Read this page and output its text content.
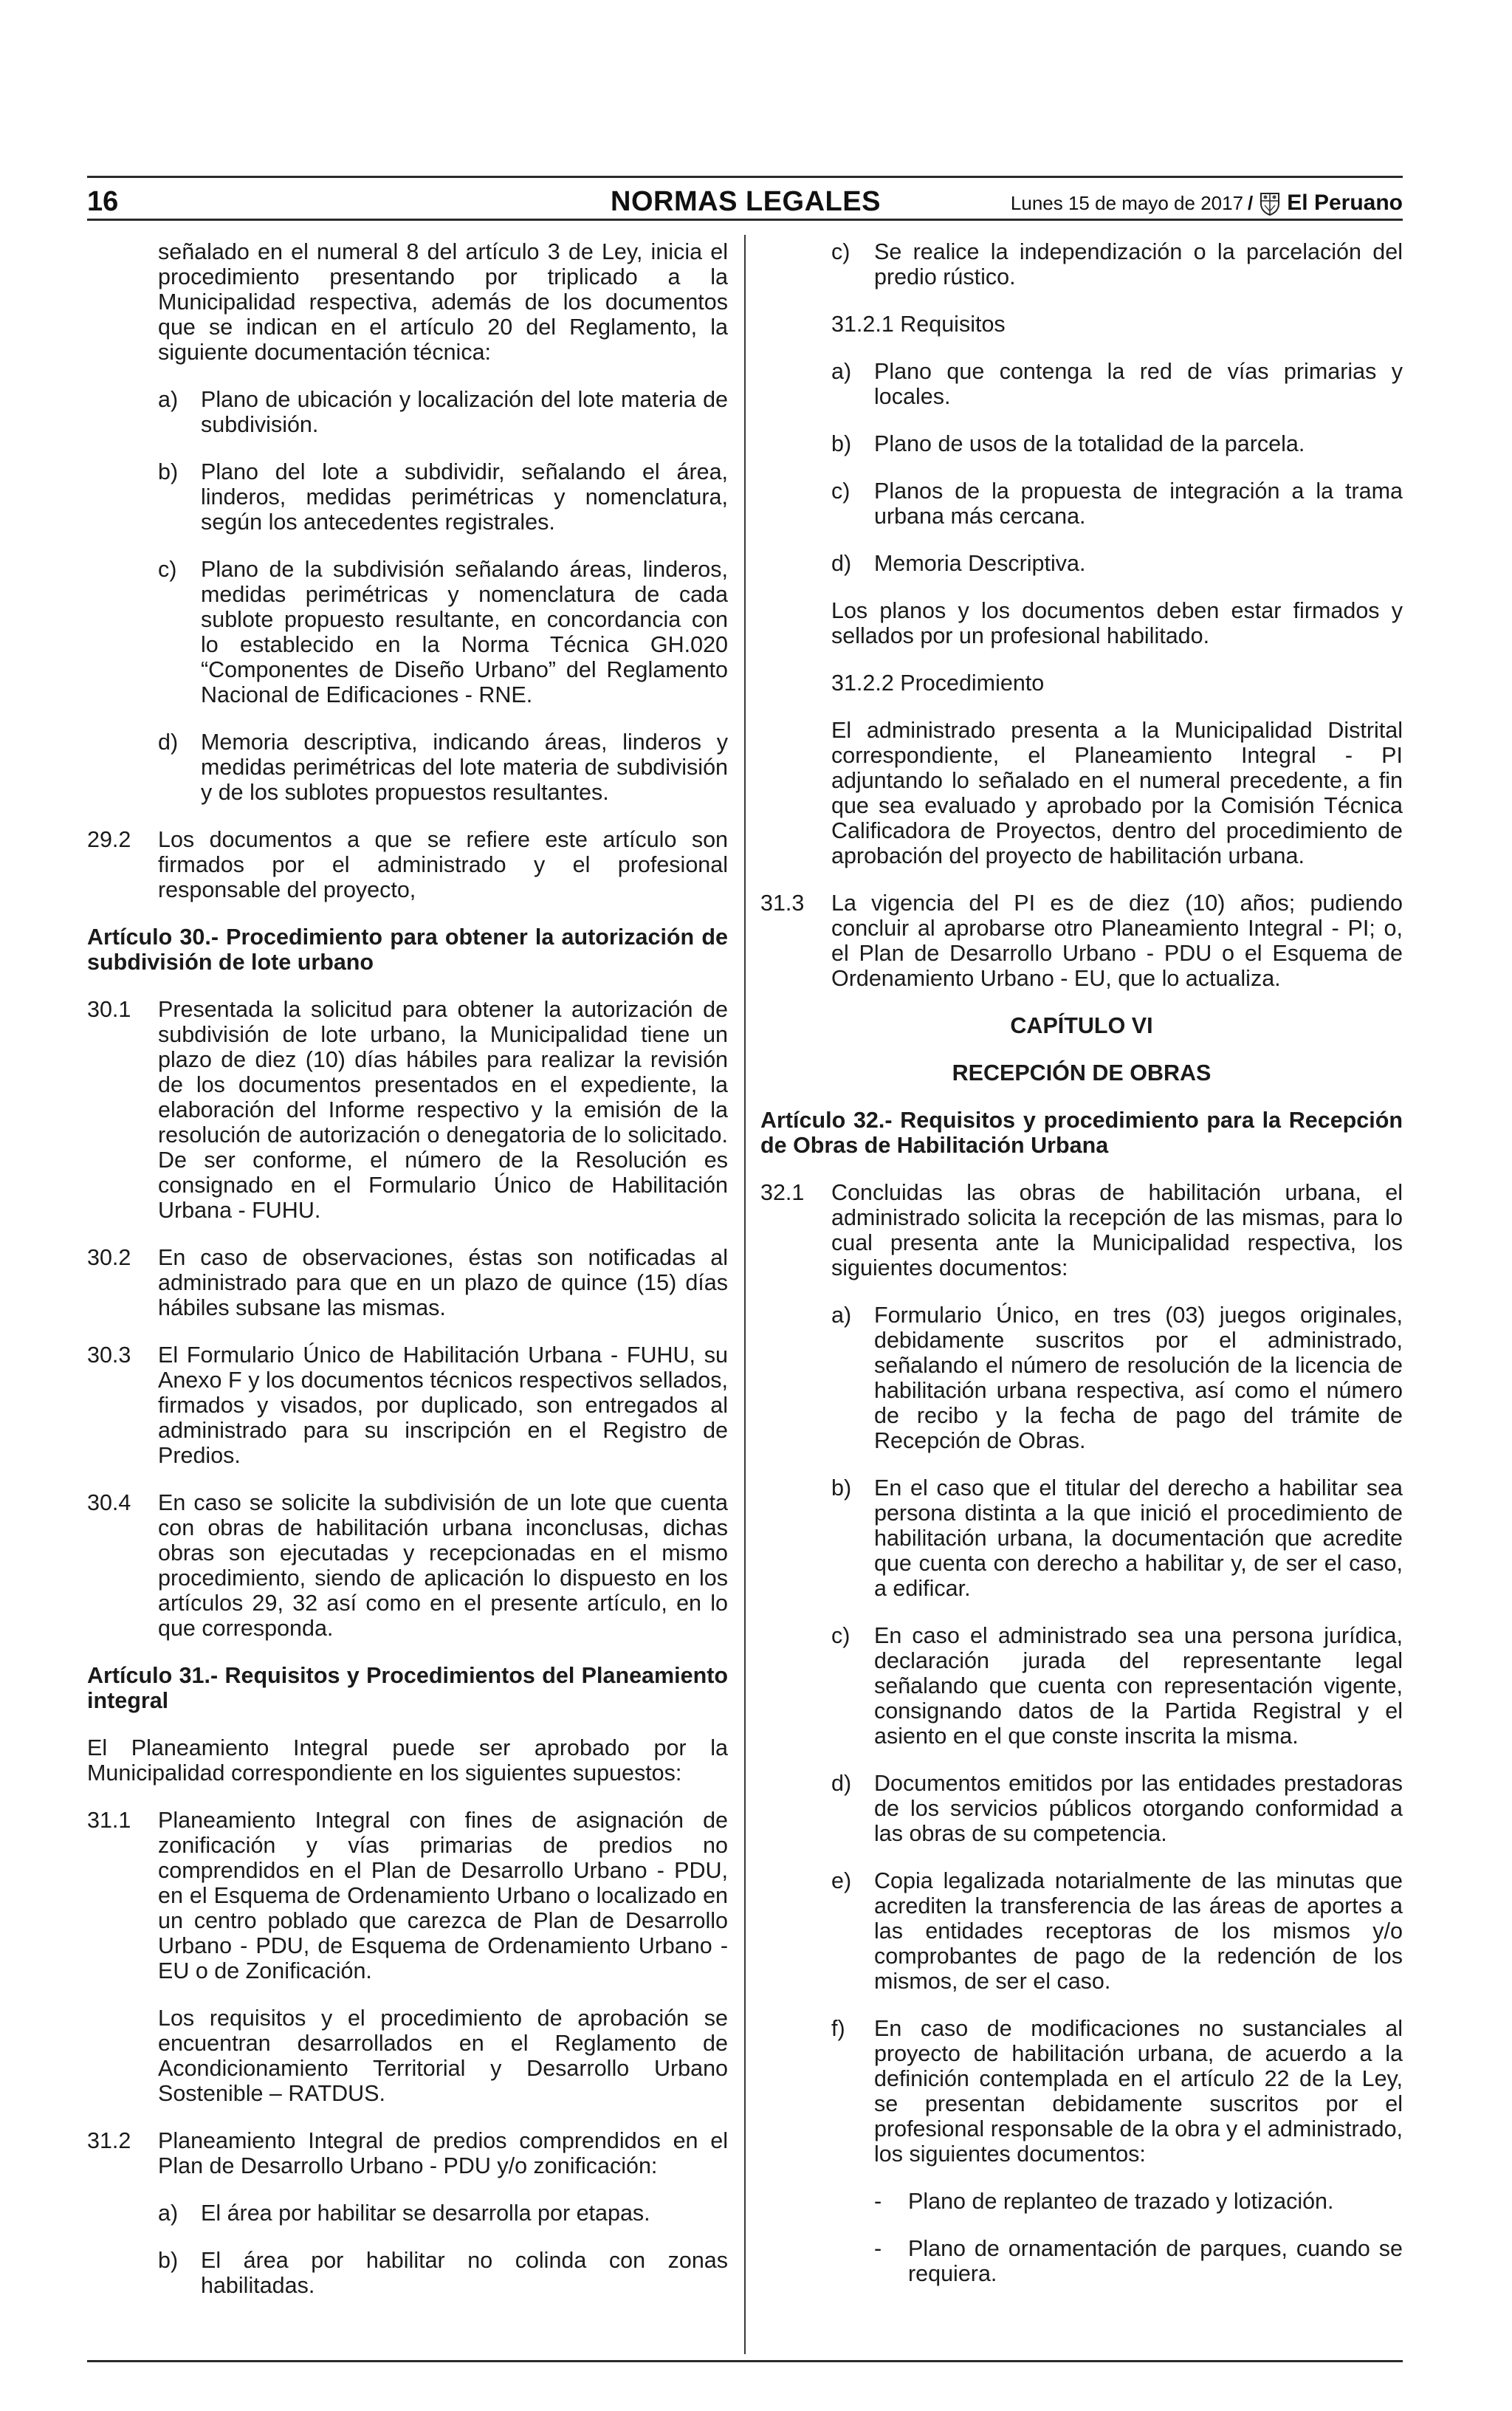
16	NORMAS LEGALES	Lunes 15 de mayo de 2017 / El Peruano

señalado en el numeral 8 del artículo 3 de Ley, inicia el procedimiento presentando por triplicado a la Municipalidad respectiva, además de los documentos que se indican en el artículo 20 del Reglamento, la siguiente documentación técnica:

a)	Plano de ubicación y localización del lote materia de subdivisión.
b)	Plano del lote a subdividir, señalando el área, linderos, medidas perimétricas y nomenclatura, según los antecedentes registrales.
c)	Plano de la subdivisión señalando áreas, linderos, medidas perimétricas y nomenclatura de cada sublote propuesto resultante, en concordancia con lo establecido en la Norma Técnica GH.020 “Componentes de Diseño Urbano” del Reglamento Nacional de Edificaciones - RNE.
d)	Memoria descriptiva, indicando áreas, linderos y medidas perimétricas del lote materia de subdivisión y de los sublotes propuestos resultantes.
29.2	Los documentos a que se refiere este artículo son firmados por el administrado y el profesional responsable del proyecto,

Artículo 30.- Procedimiento para obtener la autorización de subdivisión de lote urbano

30.1	Presentada la solicitud para obtener la autorización de subdivisión de lote urbano, la Municipalidad tiene un plazo de diez (10) días hábiles para realizar la revisión de los documentos presentados en el expediente, la elaboración del Informe respectivo y la emisión de la resolución de autorización o denegatoria de lo solicitado. De ser conforme, el número de la Resolución es consignado en el Formulario Único de Habilitación Urbana - FUHU.
30.2	En caso de observaciones, éstas son notificadas al administrado para que en un plazo de quince (15) días hábiles subsane las mismas.
30.3	El Formulario Único de Habilitación Urbana - FUHU, su Anexo F y los documentos técnicos respectivos sellados, firmados y visados, por duplicado, son entregados al administrado para su inscripción en el Registro de Predios.
30.4	En caso se solicite la subdivisión de un lote que cuenta con obras de habilitación urbana inconclusas, dichas obras son ejecutadas y recepcionadas en el mismo procedimiento, siendo de aplicación lo dispuesto en los artículos 29, 32 así como en el presente artículo, en lo que corresponda.

Artículo 31.- Requisitos y Procedimientos del Planeamiento integral

El Planeamiento Integral puede ser aprobado por la Municipalidad correspondiente en los siguientes supuestos:

31.1	Planeamiento Integral con fines de asignación de zonificación y vías primarias de predios no comprendidos en el Plan de Desarrollo Urbano - PDU, en el Esquema de Ordenamiento Urbano o localizado en un centro poblado que carezca de Plan de Desarrollo Urbano - PDU, de Esquema de Ordenamiento Urbano - EU o de Zonificación.

Los requisitos y el procedimiento de aprobación se encuentran desarrollados en el Reglamento de Acondicionamiento Territorial y Desarrollo Urbano Sostenible – RATDUS.

31.2	Planeamiento Integral de predios comprendidos en el Plan de Desarrollo Urbano - PDU y/o zonificación:
a)	El área por habilitar se desarrolla por etapas.
b)	El área por habilitar no colinda con zonas habilitadas.
c)	Se realice la independización o la parcelación del predio rústico.

31.2.1 Requisitos

a)	Plano que contenga la red de vías primarias y locales.
b)	Plano de usos de la totalidad de la parcela.
c)	Planos de la propuesta de integración a la trama urbana más cercana.
d)	Memoria Descriptiva.

Los planos y los documentos deben estar firmados y sellados por un profesional habilitado.

31.2.2 Procedimiento

El administrado presenta a la Municipalidad Distrital correspondiente, el Planeamiento Integral - PI adjuntando lo señalado en el numeral precedente, a fin que sea evaluado y aprobado por la Comisión Técnica Calificadora de Proyectos, dentro del procedimiento de aprobación del proyecto de habilitación urbana.

31.3	La vigencia del PI es de diez (10) años; pudiendo concluir al aprobarse otro Planeamiento Integral - PI; o, el Plan de Desarrollo Urbano - PDU o el Esquema de Ordenamiento Urbano - EU, que lo actualiza.

CAPÍTULO VI

RECEPCIÓN DE OBRAS

Artículo 32.- Requisitos y procedimiento para la Recepción de Obras de Habilitación Urbana

32.1	Concluidas las obras de habilitación urbana, el administrado solicita la recepción de las mismas, para lo cual presenta ante la Municipalidad respectiva, los siguientes documentos:
a)	Formulario Único, en tres (03) juegos originales, debidamente suscritos por el administrado, señalando el número de resolución de la licencia de habilitación urbana respectiva, así como el número de recibo y la fecha de pago del trámite de Recepción de Obras.
b)	En el caso que el titular del derecho a habilitar sea persona distinta a la que inició el procedimiento de habilitación urbana, la documentación que acredite que cuenta con derecho a habilitar y, de ser el caso, a edificar.
c)	En caso el administrado sea una persona jurídica, declaración jurada del representante legal señalando que cuenta con representación vigente, consignando datos de la Partida Registral y el asiento en el que conste inscrita la misma.
d)	Documentos emitidos por las entidades prestadoras de los servicios públicos otorgando conformidad a las obras de su competencia.
e)	Copia legalizada notarialmente de las minutas que acrediten la transferencia de las áreas de aportes a las entidades receptoras de los mismos y/o comprobantes de pago de la redención de los mismos, de ser el caso.
f)	En caso de modificaciones no sustanciales al proyecto de habilitación urbana, de acuerdo a la definición contemplada en el artículo 22 de la Ley, se presentan debidamente suscritos por el profesional responsable de la obra y el administrado, los siguientes documentos:
-	Plano de replanteo de trazado y lotización.
-	Plano de ornamentación de parques, cuando se requiera.
